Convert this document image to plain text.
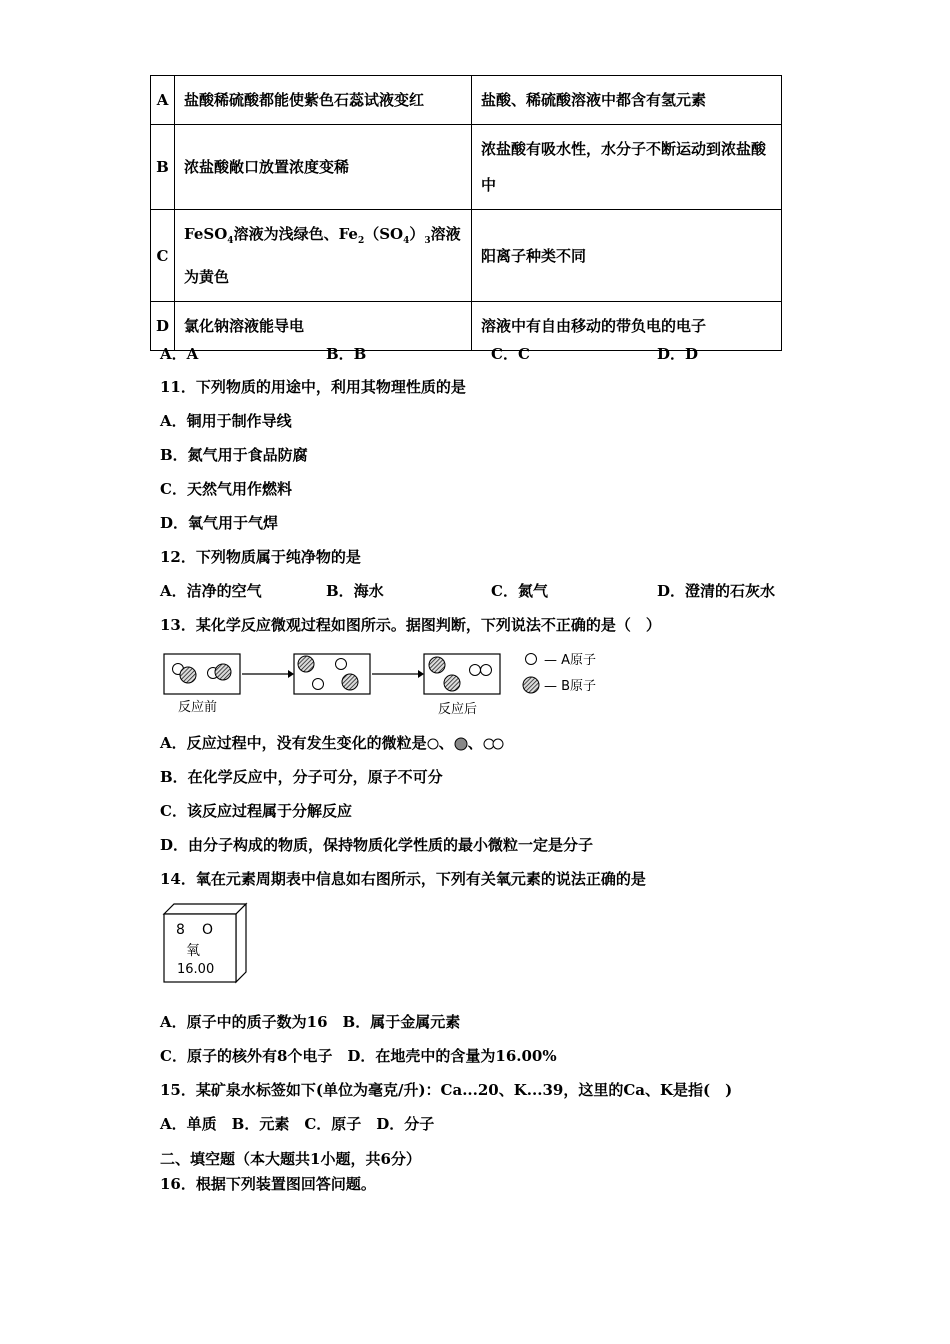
A	盐酸稀硫酸都能使紫色石蕊试液变红	盐酸、稀硫酸溶液中都含有氢元素
B	浓盐酸敞口放置浓度变稀	浓盐酸有吸水性，水分子不断运动到浓盐酸中
C	FeSO$_4$溶液为浅绿色、$Fe_2(SO_4)_3$溶液为黄色	阳离子种类不同
D	氯化钠溶液能导电	溶液中有自由移动的带负电的电子
A．A	B．B	C．C	D．D
11．下列物质的用途中，利用其物理性质的是
A．铜用于制作导线
B．氮气用于食品防腐
C．天然气用作燃料
D．氧气用于气焊
12．下列物质属于纯净物的是
A．洁净的空气	B．海水	C．氮气	D．澄清的石灰水
13．某化学反应微观过程如图所示。据图判断，下列说法不正确的是（　）
反应前	反应后
— A原子
— B原子
A．反应过程中，没有发生变化的微粒是 、 、
B．在化学反应中，分子可分，原子不可分
C．该反应过程属于分解反应
D．由分子构成的物质，保持物质化学性质的最小微粒一定是分子
14．氧在元素周期表中信息如右图所示，下列有关氧元素的说法正确的是
8 O
氧
16.00
A．原子中的质子数为16　B．属于金属元素
C．原子的核外有8个电子　D．在地壳中的含量为16.00%
15．某矿泉水标签如下(单位为毫克/升)：Ca...20、K...39，这里的Ca、K是指(　)
A．单质　B．元素　C．原子　D．分子
二、填空题（本大题共1小题，共6分）
16．根据下列装置图回答问题。
